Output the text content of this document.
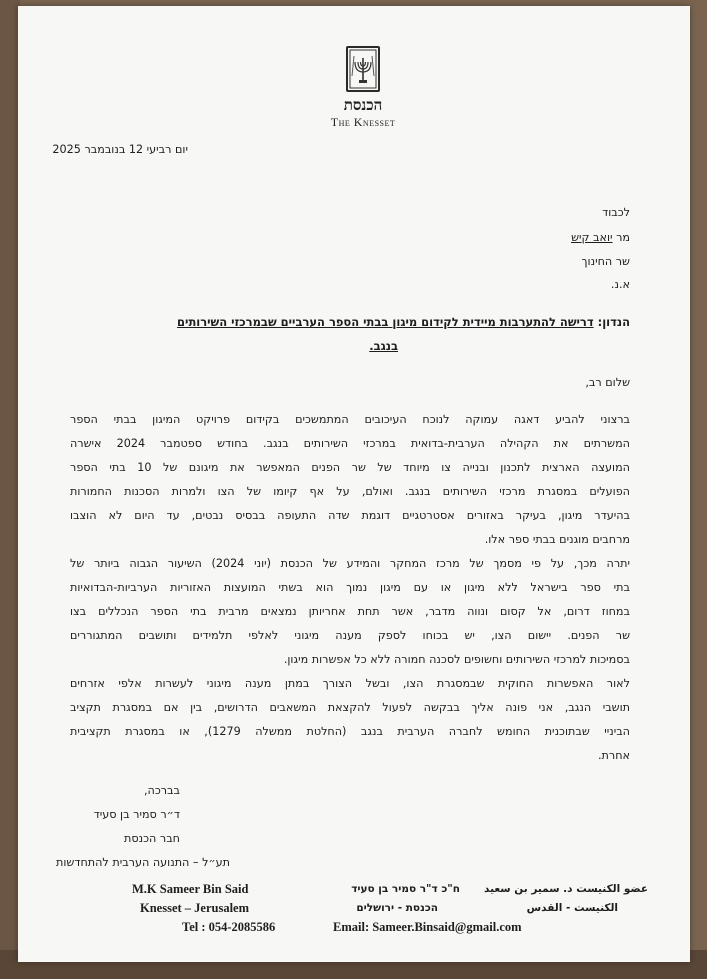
הכנסת
The Knesset
יום רביעי 12 בנובמבר 2025
לכבוד
מר יואב קיש
שר החינוך
א.נ.
הנדון: דרישה להתערבות מיידית לקידום מיגון בבתי הספר הערביים שבמרכזי השירותים
בנגב.
שלום רב,
ברצוני להביע דאגה עמוקה לנוכח העיכובים המתמשכים בקידום פרויקט המיגון בבתי הספר
המשרתים את הקהילה הערבית-בדואית במרכזי השירותים בנגב. בחודש ספטמבר 2024 אישרה
המועצה הארצית לתכנון ובנייה צו מיוחד של שר הפנים המאפשר את מיגונם של 10 בתי הספר
הפועלים במסגרת מרכזי השירותים בנגב. ואולם, על אף קיומו של הצו ולמרות הסכנות החמורות
בהיעדר מיגון, בעיקר באזורים אסטרטגיים דוגמת שדה התעופה בבסיס נבטים, עד היום לא הוצבו
מרחבים מוגנים בבתי ספר אלו.
יתרה מכך, על פי מסמך של מרכז המחקר והמידע של הכנסת (יוני 2024) השיעור הגבוה ביותר של
בתי ספר בישראל ללא מיגון או עם מיגון נמוך הוא בשתי המועצות האזוריות הערביות-הבדואיות
במחוז דרום, אל קסום ונווה מדבר, אשר תחת אחריותן נמצאים מרבית בתי הספר הנכללים בצו
שר הפנים. יישום הצו, יש בכוחו לספק מענה מיגוני לאלפי תלמידים ותושבים המתגוררים
בסמיכות למרכזי השירותים וחשופים לסכנה חמורה ללא כל אפשרות מיגון.
לאור האפשרות החוקית שבמסגרת הצו, ובשל הצורך במתן מענה מיגוני לעשרות אלפי אזרחים
תושבי הנגב, אני פונה אליך בבקשה לפעול להקצאת המשאבים הדרושים, בין אם במסגרת תקציב
הביניי שבתוכנית החומש לחברה הערבית בנגב (החלטת ממשלה 1279), או במסגרת תקציבית
אחרת.
בברכה,
ד״ר סמיר בן סעיד
חבר הכנסת
תע״ל – התנועה הערבית להתחדשות
M.K Sameer Bin Said
Knesset – Jerusalem
Tel : 054-2085586
ח"כ ד"ר סמיר בן סעיד
הכנסת - ירושלים
Email: Sameer.Binsaid@gmail.com
عضو الكنيست د. سمير بن سعيد
الكنيست - القدس
